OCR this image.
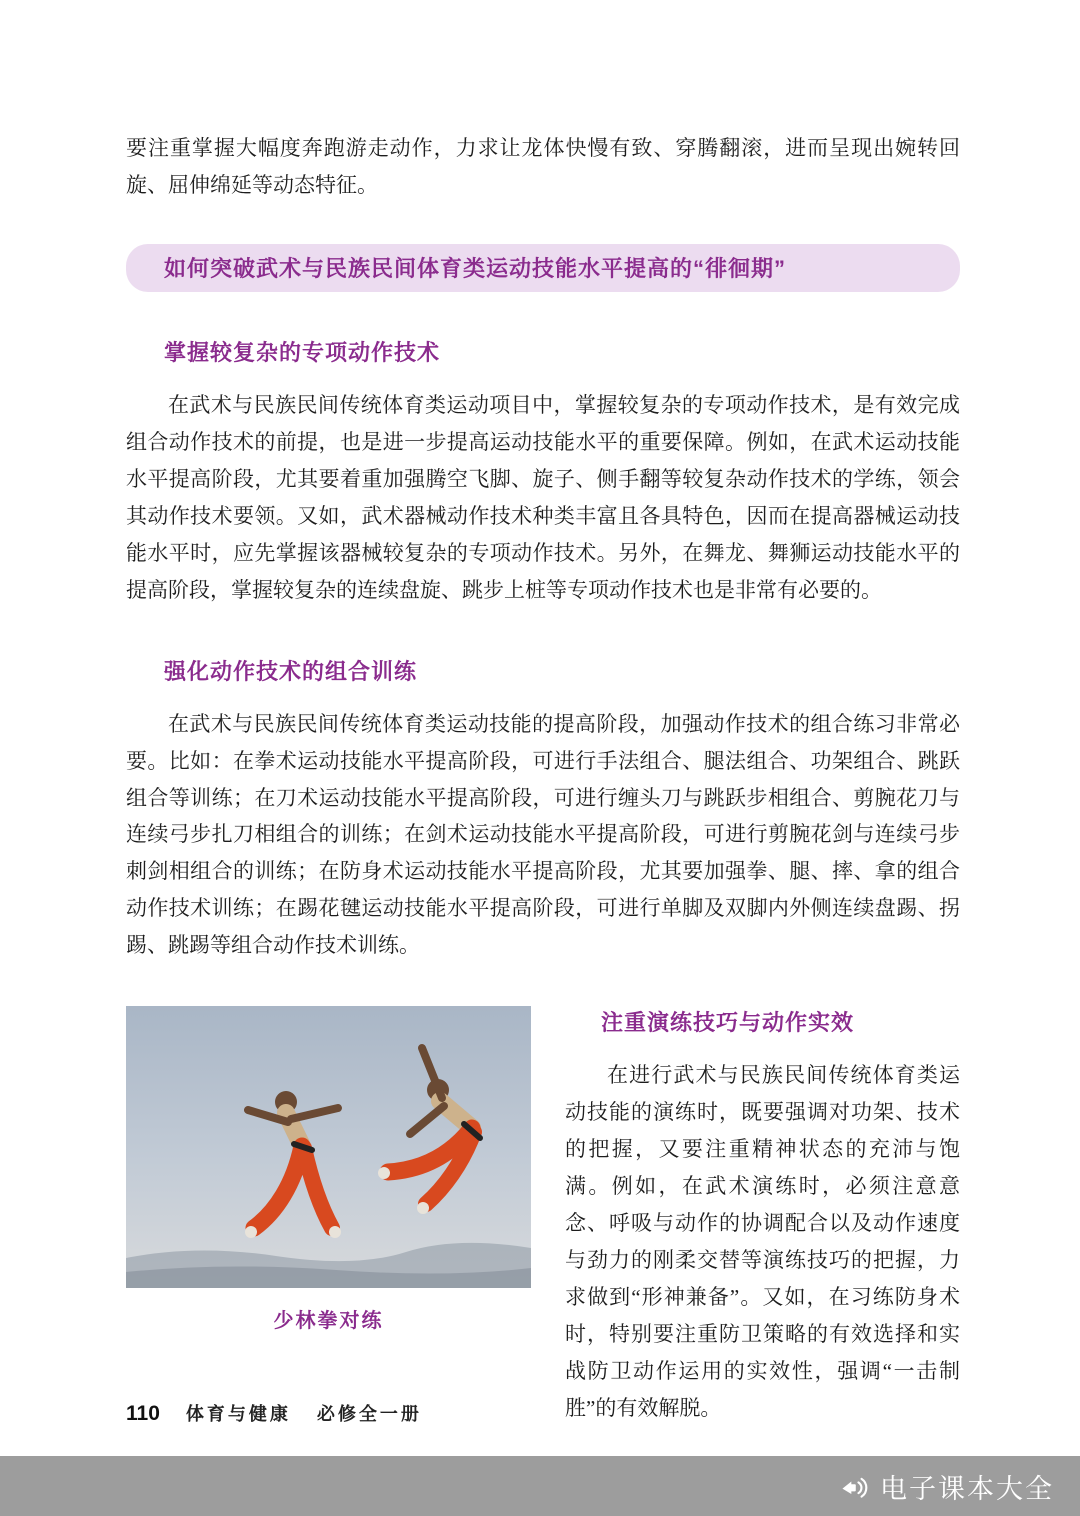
要注重掌握大幅度奔跑游走动作，力求让龙体快慢有致、穿腾翻滚，进而呈现出婉转回旋、屈伸绵延等动态特征。

如何突破武术与民族民间体育类运动技能水平提高的“徘徊期”
掌握较复杂的专项动作技术

在武术与民族民间传统体育类运动项目中，掌握较复杂的专项动作技术，是有效完成组合动作技术的前提，也是进一步提高运动技能水平的重要保障。例如，在武术运动技能水平提高阶段，尤其要着重加强腾空飞脚、旋子、侧手翻等较复杂动作技术的学练，领会其动作技术要领。又如，武术器械动作技术种类丰富且各具特色，因而在提高器械运动技能水平时，应先掌握该器械较复杂的专项动作技术。另外，在舞龙、舞狮运动技能水平的提高阶段，掌握较复杂的连续盘旋、跳步上桩等专项动作技术也是非常有必要的。

强化动作技术的组合训练

在武术与民族民间传统体育类运动技能的提高阶段，加强动作技术的组合练习非常必要。比如：在拳术运动技能水平提高阶段，可进行手法组合、腿法组合、功架组合、跳跃组合等训练；在刀术运动技能水平提高阶段，可进行缠头刀与跳跃步相组合、剪腕花刀与连续弓步扎刀相组合的训练；在剑术运动技能水平提高阶段，可进行剪腕花剑与连续弓步刺剑相组合的训练；在防身术运动技能水平提高阶段，尤其要加强拳、腿、摔、拿的组合动作技术训练；在踢花毽运动技能水平提高阶段，可进行单脚及双脚内外侧连续盘踢、拐踢、跳踢等组合动作技术训练。

少林拳对练
注重演练技巧与动作实效

在进行武术与民族民间传统体育类运动技能的演练时，既要强调对功架、技术的把握，又要注重精神状态的充沛与饱满。例如，在武术演练时，必须注意意念、呼吸与动作的协调配合以及动作速度与劲力的刚柔交替等演练技巧的把握，力求做到“形神兼备”。又如，在习练防身术时，特别要注重防卫策略的有效选择和实战防卫动作运用的实效性，强调“一击制胜”的有效解脱。

110 体育与健康 必修全一册
电子课本大全
